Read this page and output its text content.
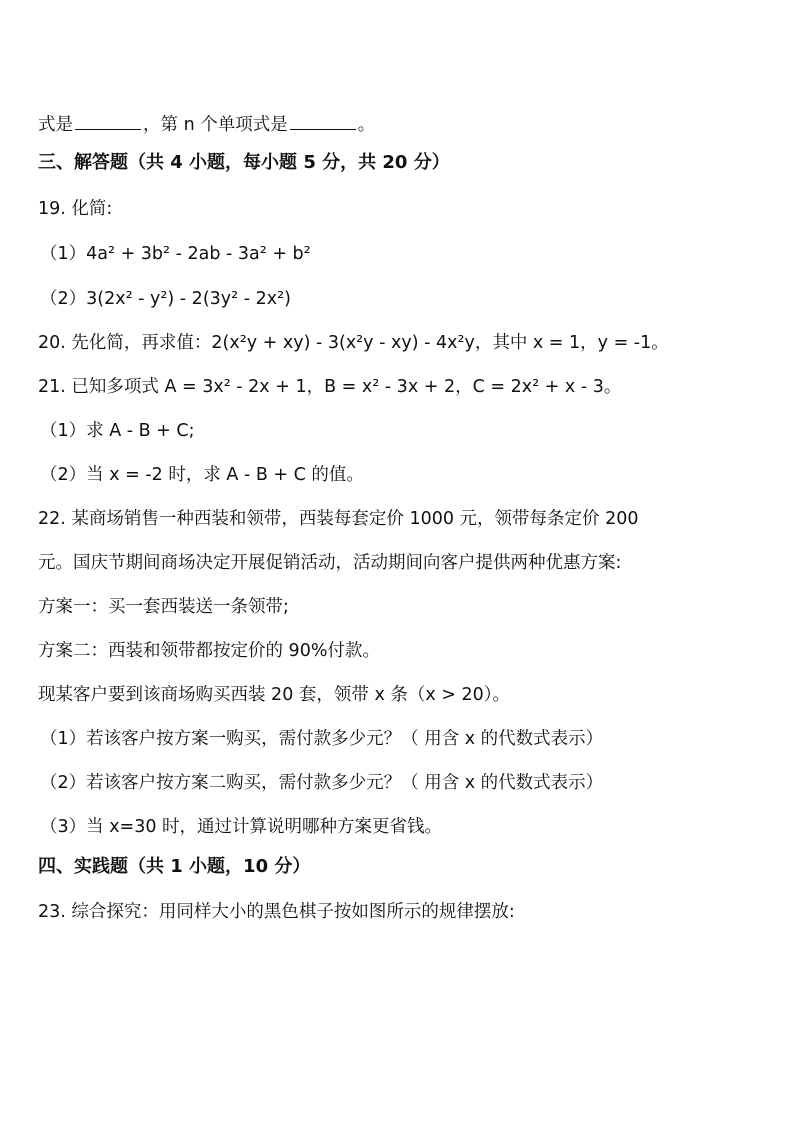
式是	，第 n 个单项式是	。
三、解答题（共 4 小题，每小题 5 分，共 20 分）
19. 化简:
（1）4a² + 3b² - 2ab - 3a² + b²
（2）3(2x² - y²) - 2(3y² - 2x²)
20. 先化简，再求值：2(x²y + xy) - 3(x²y - xy) - 4x²y，其中 x = 1，y = -1。
21. 已知多项式 A = 3x² - 2x + 1，B = x² - 3x + 2，C = 2x² + x - 3。
（1）求 A - B + C;
（2）当 x = -2 时，求 A - B + C 的值。
22. 某商场销售一种西装和领带，西装每套定价 1000 元，领带每条定价 200
元。国庆节期间商场决定开展促销活动，活动期间向客户提供两种优惠方案:
方案一：买一套西装送一条领带;
方案二：西装和领带都按定价的 90%付款。
现某客户要到该商场购买西装 20 套，领带 x 条（x > 20）。
（1）若该客户按方案一购买，需付款多少元？（ 用含 x 的代数式表示）
（2）若该客户按方案二购买，需付款多少元？（ 用含 x 的代数式表示）
（3）当 x=30 时，通过计算说明哪种方案更省钱。
四、实践题（共 1 小题，10 分）
23. 综合探究：用同样大小的黑色棋子按如图所示的规律摆放:
